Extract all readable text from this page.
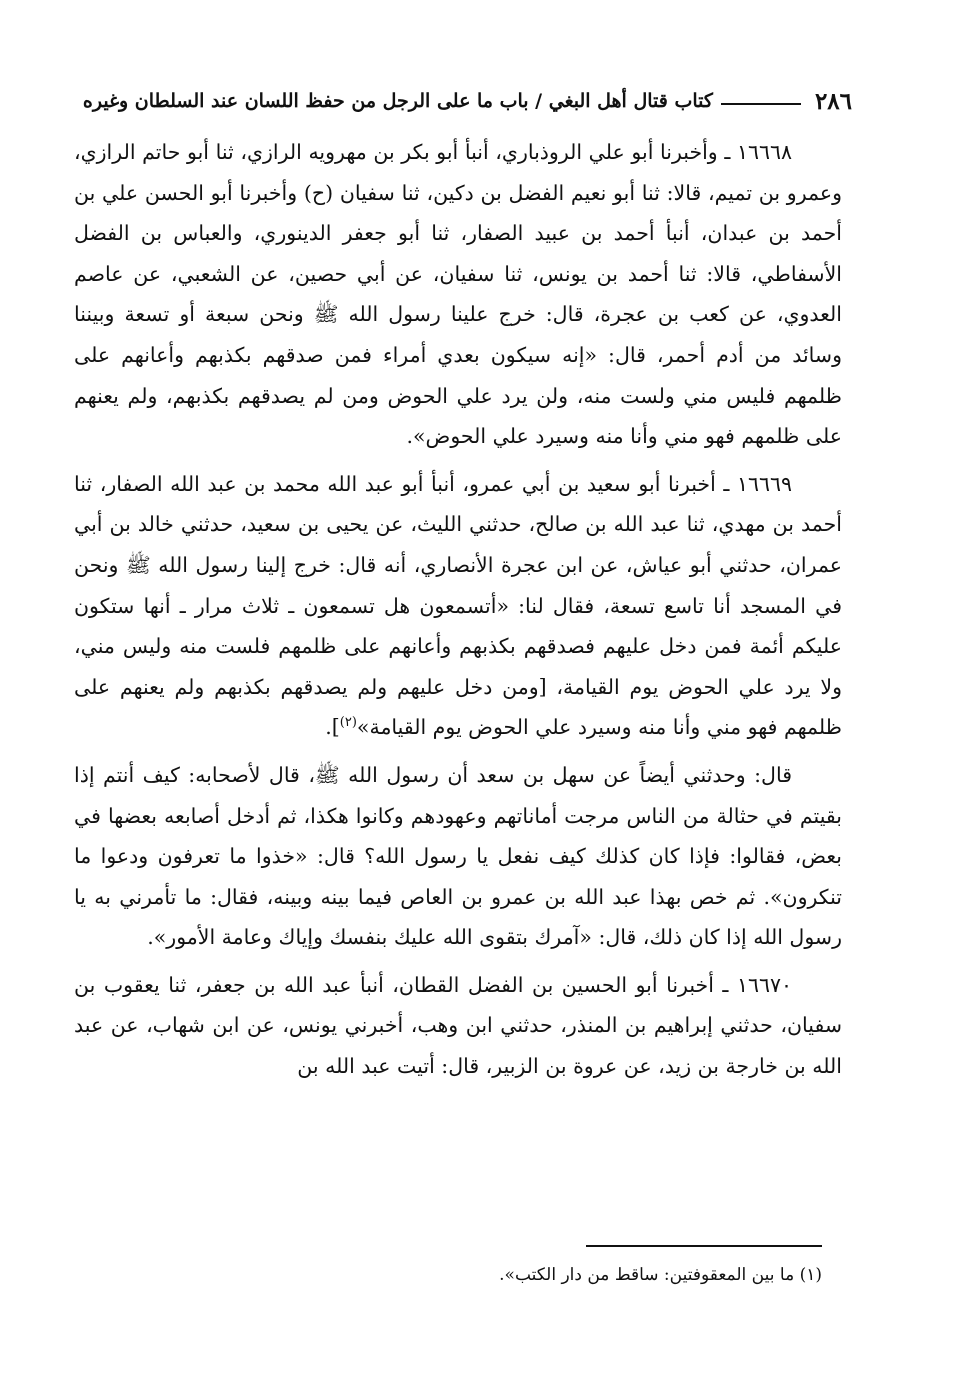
٢٨٦
كتاب قتال أهل البغي / باب ما على الرجل من حفظ اللسان عند السلطان وغيره

١٦٦٦٨ ـ وأخبرنا أبو علي الروذباري، أنبأ أبو بكر بن مهرويه الرازي، ثنا أبو حاتم الرازي، وعمرو بن تميم، قالا: ثنا أبو نعيم الفضل بن دكين، ثنا سفيان (ح) وأخبرنا أبو الحسن علي بن أحمد بن عبدان، أنبأ أحمد بن عبيد الصفار، ثنا أبو جعفر الدينوري، والعباس بن الفضل الأسفاطي، قالا: ثنا أحمد بن يونس، ثنا سفيان، عن أبي حصين، عن الشعبي، عن عاصم العدوي، عن كعب بن عجرة، قال: خرج علينا رسول الله ﷺ ونحن سبعة أو تسعة وبيننا وسائد من أدم أحمر، قال: «إنه سيكون بعدي أمراء فمن صدقهم بكذبهم وأعانهم على ظلمهم فليس مني ولست منه، ولن يرد علي الحوض ومن لم يصدقهم بكذبهم، ولم يعنهم على ظلمهم فهو مني وأنا منه وسيرد علي الحوض».

١٦٦٦٩ ـ أخبرنا أبو سعيد بن أبي عمرو، أنبأ أبو عبد الله محمد بن عبد الله الصفار، ثنا أحمد بن مهدي، ثنا عبد الله بن صالح، حدثني الليث، عن يحيى بن سعيد، حدثني خالد بن أبي عمران، حدثني أبو عياش، عن ابن عجرة الأنصاري، أنه قال: خرج إلينا رسول الله ﷺ ونحن في المسجد أنا تاسع تسعة، فقال لنا: «أتسمعون هل تسمعون ـ ثلاث مرار ـ أنها ستكون عليكم أئمة فمن دخل عليهم فصدقهم بكذبهم وأعانهم على ظلمهم فلست منه وليس مني، ولا يرد علي الحوض يوم القيامة، [ومن دخل عليهم ولم يصدقهم بكذبهم ولم يعنهم على ظلمهم فهو مني وأنا منه وسيرد علي الحوض يوم القيامة»$^{(٢)}$].

قال: وحدثني أيضاً عن سهل بن سعد أن رسول الله ﷺ، قال لأصحابه: كيف أنتم إذا بقيتم في حثالة من الناس مرجت أماناتهم وعهودهم وكانوا هكذا، ثم أدخل أصابعه بعضها في بعض، فقالوا: فإذا كان كذلك كيف نفعل يا رسول الله؟ قال: «خذوا ما تعرفون ودعوا ما تنكرون». ثم خص بهذا عبد الله بن عمرو بن العاص فيما بينه وبينه، فقال: ما تأمرني به يا رسول الله إذا كان ذلك، قال: «آمرك بتقوى الله عليك بنفسك وإياك وعامة الأمور».

١٦٦٧٠ ـ أخبرنا أبو الحسين بن الفضل القطان، أنبأ عبد الله بن جعفر، ثنا يعقوب بن سفيان، حدثني إبراهيم بن المنذر، حدثني ابن وهب، أخبرني يونس، عن ابن شهاب، عن عبد الله بن خارجة بن زيد، عن عروة بن الزبير، قال: أتيت عبد الله بن

(١) ما بين المعقوفتين: ساقط من دار الكتب».
